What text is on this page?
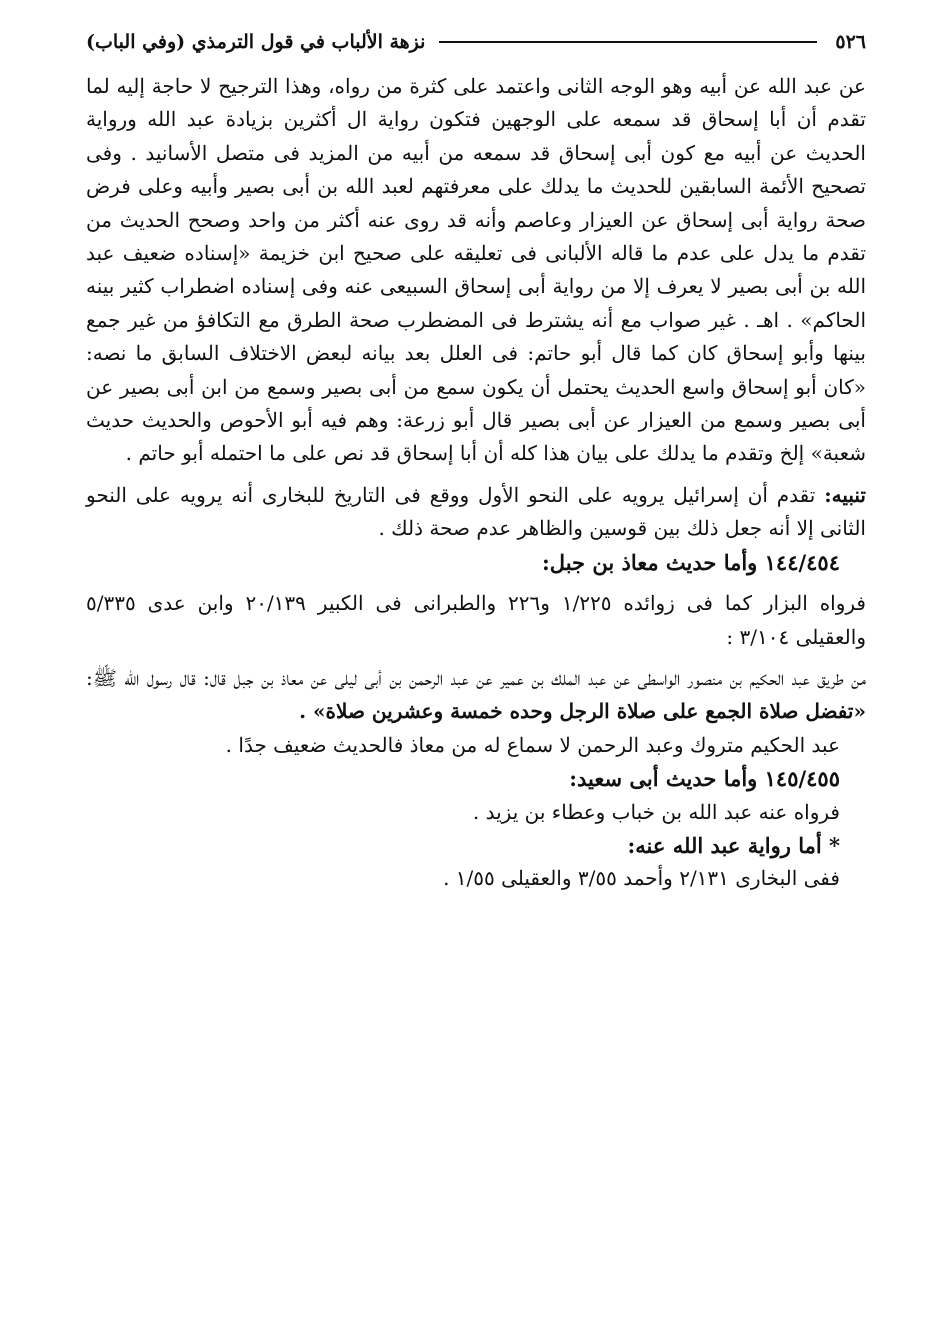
٥٢٦
نزهة الألباب في قول الترمذي (وفي الباب)

عن عبد الله عن أبيه وهو الوجه الثانى واعتمد على كثرة من رواه، وهذا الترجيح لا حاجة إليه لما تقدم أن أبا إسحاق قد سمعه على الوجهين فتكون رواية ال أكثرين بزيادة عبد الله ورواية الحديث عن أبيه مع كون أبى إسحاق قد سمعه من أبيه من المزيد فى متصل الأسانيد . وفى تصحيح الأئمة السابقين للحديث ما يدلك على معرفتهم لعبد الله بن أبى بصير وأبيه وعلى فرض صحة رواية أبى إسحاق عن العيزار وعاصم وأنه قد روى عنه أكثر من واحد وصحح الحديث من تقدم ما يدل على عدم ما قاله الألبانى فى تعليقه على صحيح ابن خزيمة «إسناده ضعيف عبد الله بن أبى بصير لا يعرف إلا من رواية أبى إسحاق السبيعى عنه وفى إسناده اضطراب كثير بينه الحاكم» . اهـ . غير صواب مع أنه يشترط فى المضطرب صحة الطرق مع التكافؤ من غير جمع بينها وأبو إسحاق كان كما قال أبو حاتم: فى العلل بعد بيانه لبعض الاختلاف السابق ما نصه: «كان أبو إسحاق واسع الحديث يحتمل أن يكون سمع من أبى بصير وسمع من ابن أبى بصير عن أبى بصير وسمع من العيزار عن أبى بصير قال أبو زرعة: وهم فيه أبو الأحوص والحديث حديث شعبة» إلخ وتقدم ما يدلك على بيان هذا كله أن أبا إسحاق قد نص على ما احتمله أبو حاتم .

تنبيه: تقدم أن إسرائيل يرويه على النحو الأول ووقع فى التاريخ للبخارى أنه يرويه على النحو الثانى إلا أنه جعل ذلك بين قوسين والظاهر عدم صحة ذلك .

١٤٤/٤٥٤ وأما حديث معاذ بن جبل:

فرواه البزار كما فى زوائده ١/٢٢٥ و٢٢٦ والطبرانى فى الكبير ٢٠/١٣٩ وابن عدى ٥/٣٣٥ والعقيلى ٣/١٠٤ :

من طريق عبد الحكيم بن منصور الواسطى عن عبد الملك بن عمير عن عبد الرحمن بن أبى ليلى عن معاذ بن جبل قال: قال رسول الله ﷺ: «تفضل صلاة الجمع على صلاة الرجل وحده خمسة وعشرين صلاة» .

عبد الحكيم متروك وعبد الرحمن لا سماع له من معاذ فالحديث ضعيف جدًا .

١٤٥/٤٥٥ وأما حديث أبى سعيد:

فرواه عنه عبد الله بن خباب وعطاء بن يزيد .

* أما رواية عبد الله عنه:

ففى البخارى ٢/١٣١ وأحمد ٣/٥٥ والعقيلى ١/٥٥ .
